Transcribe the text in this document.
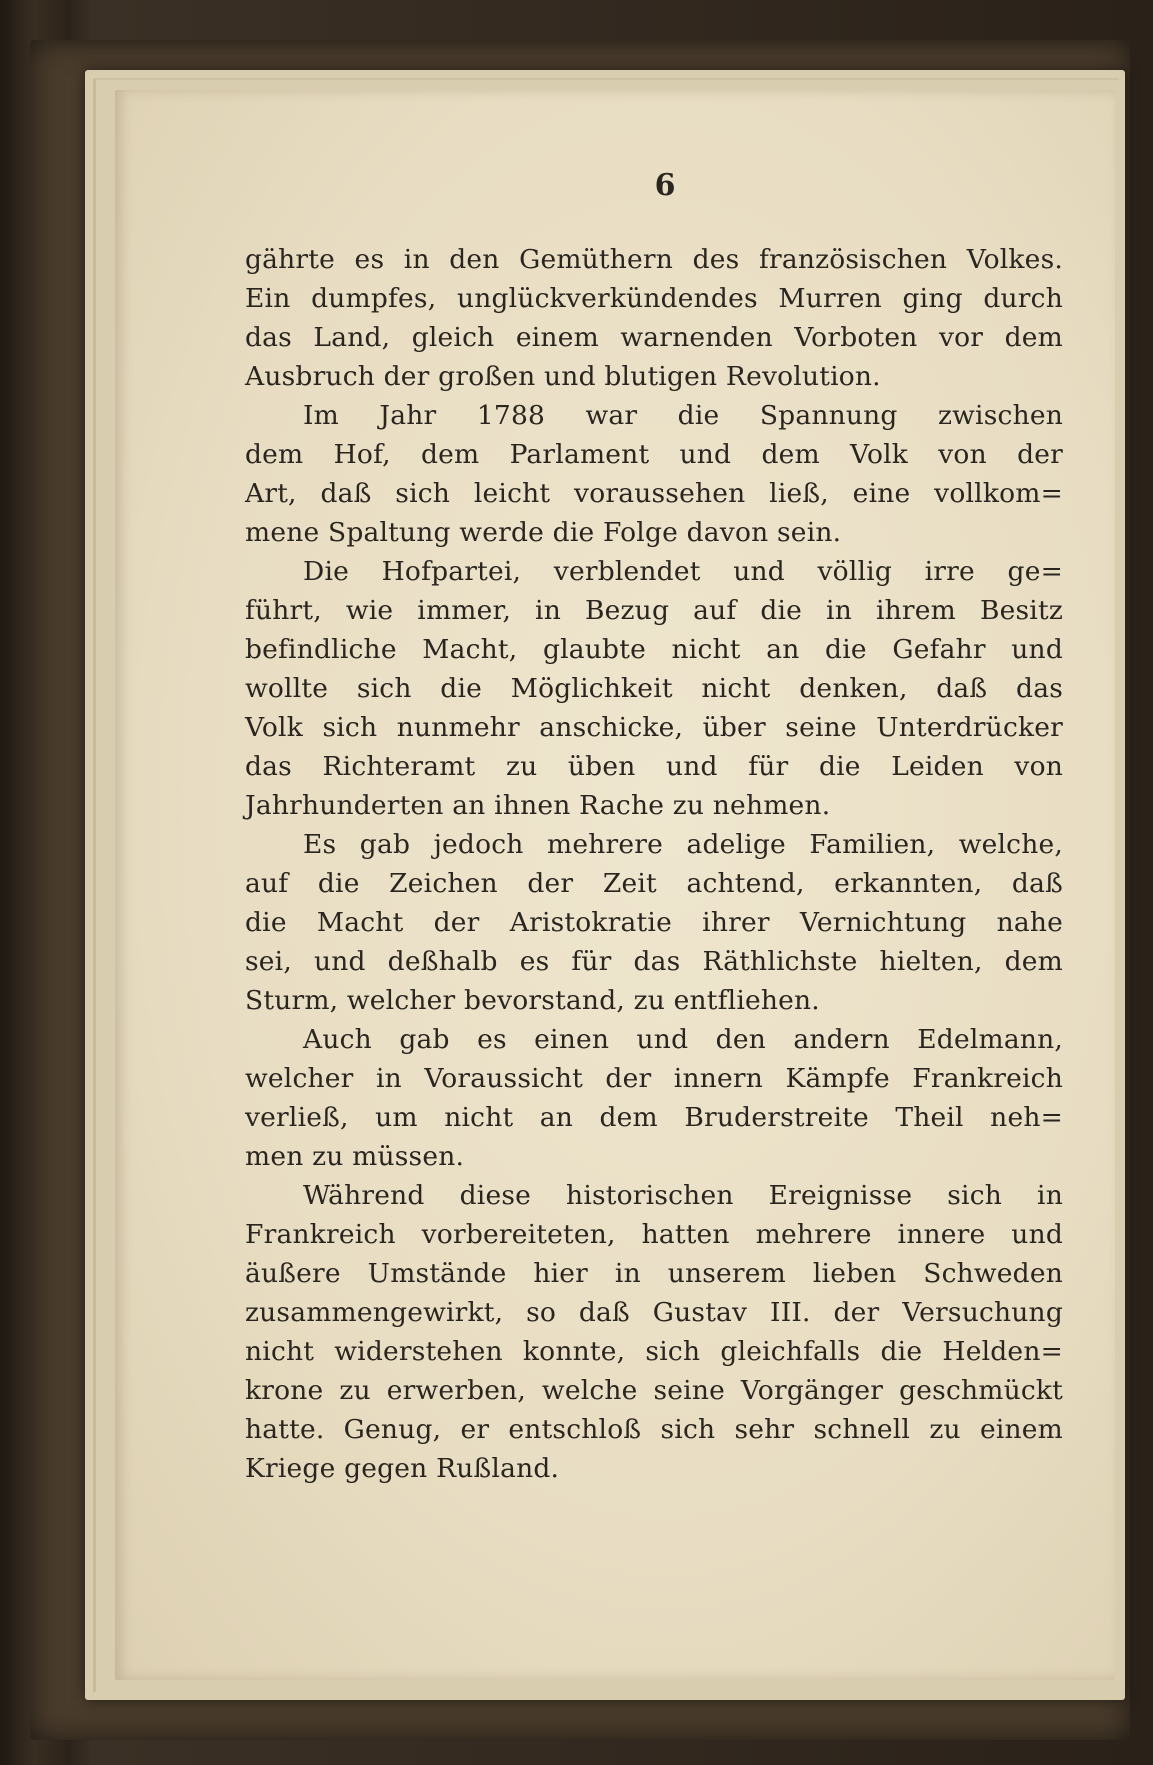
6
gährte es in den Gemüthern des französischen Volkes.
Ein dumpfes, unglückverkündendes Murren ging durch
das Land, gleich einem warnenden Vorboten vor dem
Ausbruch der großen und blutigen Revolution.
Im Jahr 1788 war die Spannung zwischen
dem Hof, dem Parlament und dem Volk von der
Art, daß sich leicht voraussehen ließ, eine vollkom=
mene Spaltung werde die Folge davon sein.
Die Hofpartei, verblendet und völlig irre ge=
führt, wie immer, in Bezug auf die in ihrem Besitz
befindliche Macht, glaubte nicht an die Gefahr und
wollte sich die Möglichkeit nicht denken, daß das
Volk sich nunmehr anschicke, über seine Unterdrücker
das Richteramt zu üben und für die Leiden von
Jahrhunderten an ihnen Rache zu nehmen.
Es gab jedoch mehrere adelige Familien, welche,
auf die Zeichen der Zeit achtend, erkannten, daß
die Macht der Aristokratie ihrer Vernichtung nahe
sei, und deßhalb es für das Räthlichste hielten, dem
Sturm, welcher bevorstand, zu entfliehen.
Auch gab es einen und den andern Edelmann,
welcher in Voraussicht der innern Kämpfe Frankreich
verließ, um nicht an dem Bruderstreite Theil neh=
men zu müssen.
Während diese historischen Ereignisse sich in
Frankreich vorbereiteten, hatten mehrere innere und
äußere Umstände hier in unserem lieben Schweden
zusammengewirkt, so daß Gustav III. der Versuchung
nicht widerstehen konnte, sich gleichfalls die Helden=
krone zu erwerben, welche seine Vorgänger geschmückt
hatte. Genug, er entschloß sich sehr schnell zu einem
Kriege gegen Rußland.
